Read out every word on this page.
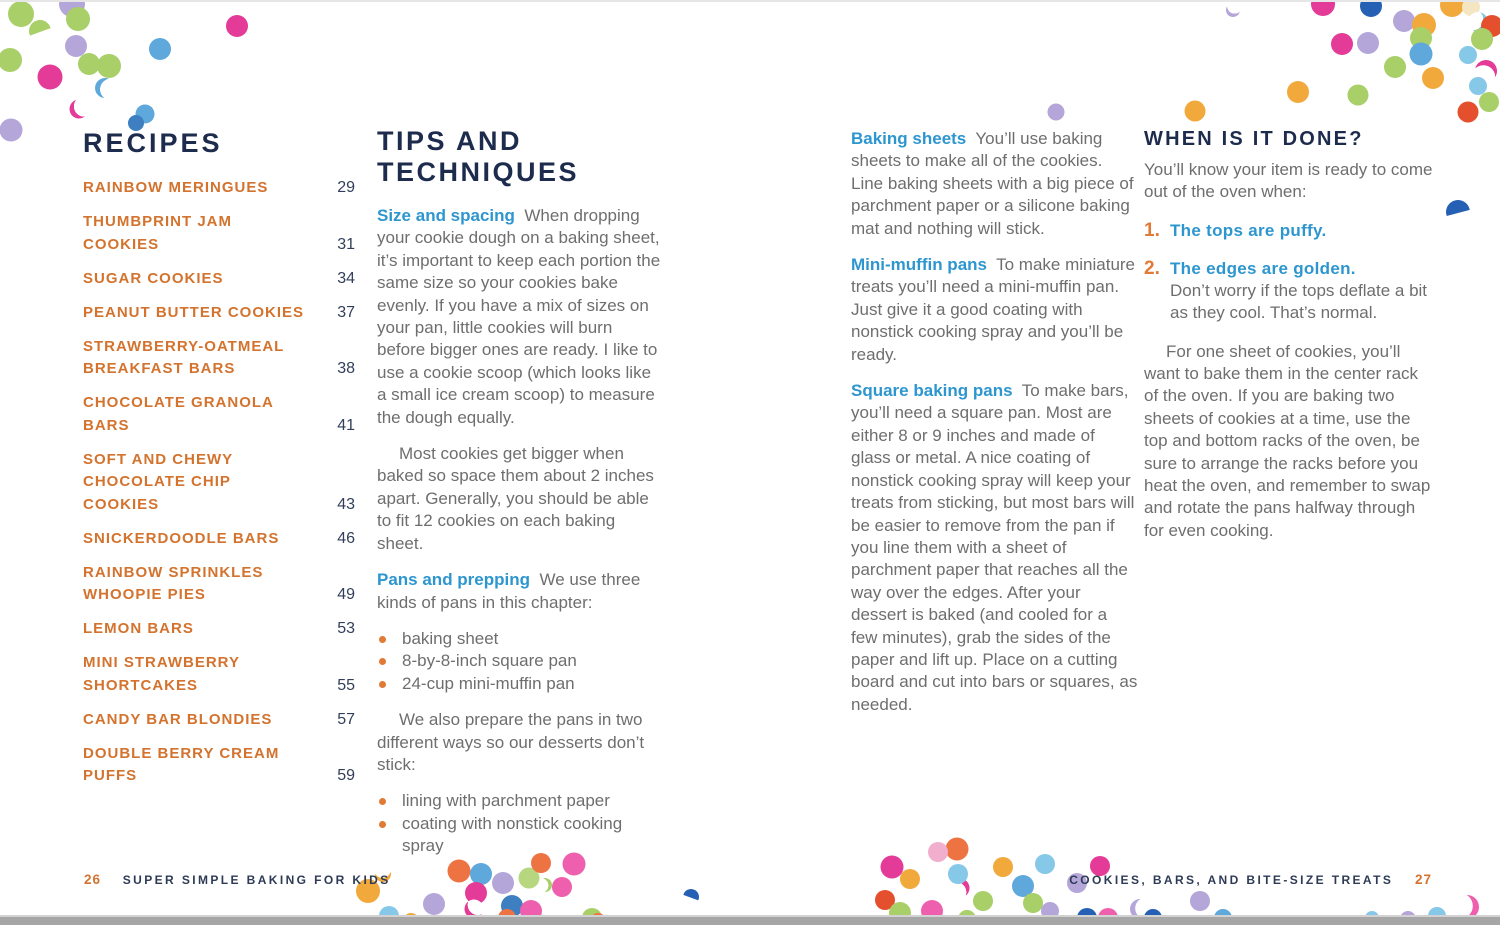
RECIPES
RAINBOW MERINGUES	29
THUMBPRINT JAM COOKIES	31
SUGAR COOKIES	34
PEANUT BUTTER COOKIES	37
STRAWBERRY-OATMEAL BREAKFAST BARS	38
CHOCOLATE GRANOLA BARS	41
SOFT AND CHEWY CHOCOLATE CHIP COOKIES	43
SNICKERDOODLE BARS	46
RAINBOW SPRINKLES WHOOPIE PIES	49
LEMON BARS	53
MINI STRAWBERRY SHORTCAKES	55
CANDY BAR BLONDIES	57
DOUBLE BERRY CREAM PUFFS	59
TIPS AND TECHNIQUES

Size and spacing When dropping your cookie dough on a baking sheet, it’s important to keep each portion the same size so your cookies bake evenly. If you have a mix of sizes on your pan, little cookies will burn before bigger ones are ready. I like to use a cookie scoop (which looks like a small ice cream scoop) to measure the dough equally.

Most cookies get bigger when baked so space them about 2 inches apart. Generally, you should be able to fit 12 cookies on each baking sheet.

Pans and prepping We use three kinds of pans in this chapter:

baking sheet
8-by-8-inch square pan
24-cup mini-muffin pan

We also prepare the pans in two different ways so our desserts don’t stick:

lining with parchment paper
coating with nonstick cooking spray

Baking sheets You’ll use baking sheets to make all of the cookies. Line baking sheets with a big piece of parchment paper or a silicone baking mat and nothing will stick.

Mini-muffin pans To make miniature treats you’ll need a mini-muffin pan. Just give it a good coating with nonstick cooking spray and you’ll be ready.

Square baking pans To make bars, you’ll need a square pan. Most are either 8 or 9 inches and made of glass or metal. A nice coating of nonstick cooking spray will keep your treats from sticking, but most bars will be easier to remove from the pan if you line them with a sheet of parchment paper that reaches all the way over the edges. After your dessert is baked (and cooled for a few minutes), grab the sides of the paper and lift up. Place on a cutting board and cut into bars or squares, as needed.

WHEN IS IT DONE?

You’ll know your item is ready to come out of the oven when:

1. The tops are puffy.
2. The edges are golden.
Don’t worry if the tops deflate a bit as they cool. That’s normal.

For one sheet of cookies, you’ll want to bake them in the center rack of the oven. If you are baking two sheets of cookies at a time, use the top and bottom racks of the oven, be sure to arrange the racks before you heat the oven, and remember to swap and rotate the pans halfway through for even cooking.

26 SUPER SIMPLE BAKING FOR KIDS	COOKIES, BARS, AND BITE-SIZE TREATS 27
